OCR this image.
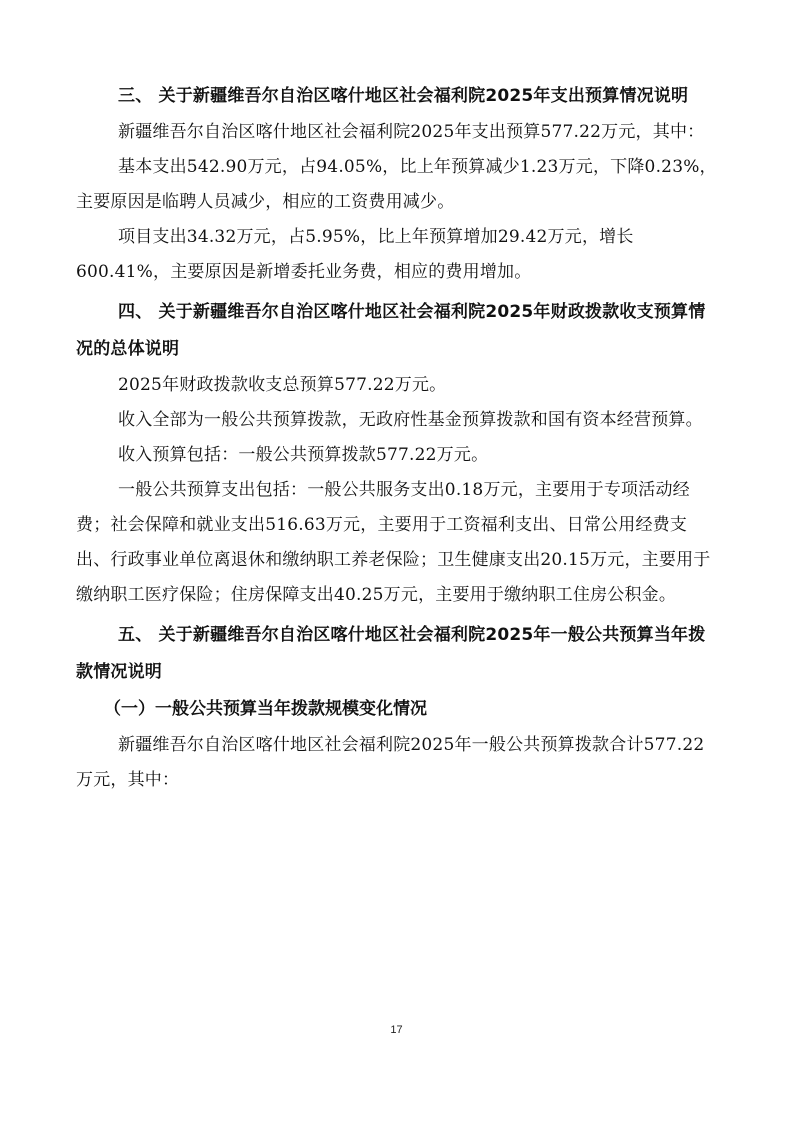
三、 关于新疆维吾尔自治区喀什地区社会福利院2025年支出预算情况说明

新疆维吾尔自治区喀什地区社会福利院2025年支出预算577.22万元，其中：

基本支出542.90万元，占94.05%，比上年预算减少1.23万元，下降0.23%，主要原因是临聘人员减少，相应的工资费用减少。

项目支出34.32万元，占5.95%，比上年预算增加29.42万元，增长600.41%，主要原因是新增委托业务费，相应的费用增加。

四、 关于新疆维吾尔自治区喀什地区社会福利院2025年财政拨款收支预算情况的总体说明

2025年财政拨款收支总预算577.22万元。

收入全部为一般公共预算拨款，无政府性基金预算拨款和国有资本经营预算。

收入预算包括：一般公共预算拨款577.22万元。

一般公共预算支出包括：一般公共服务支出0.18万元，主要用于专项活动经费；社会保障和就业支出516.63万元，主要用于工资福利支出、日常公用经费支出、行政事业单位离退休和缴纳职工养老保险；卫生健康支出20.15万元，主要用于缴纳职工医疗保险；住房保障支出40.25万元，主要用于缴纳职工住房公积金。

五、 关于新疆维吾尔自治区喀什地区社会福利院2025年一般公共预算当年拨款情况说明

（一）一般公共预算当年拨款规模变化情况

新疆维吾尔自治区喀什地区社会福利院2025年一般公共预算拨款合计577.22万元，其中：

17
